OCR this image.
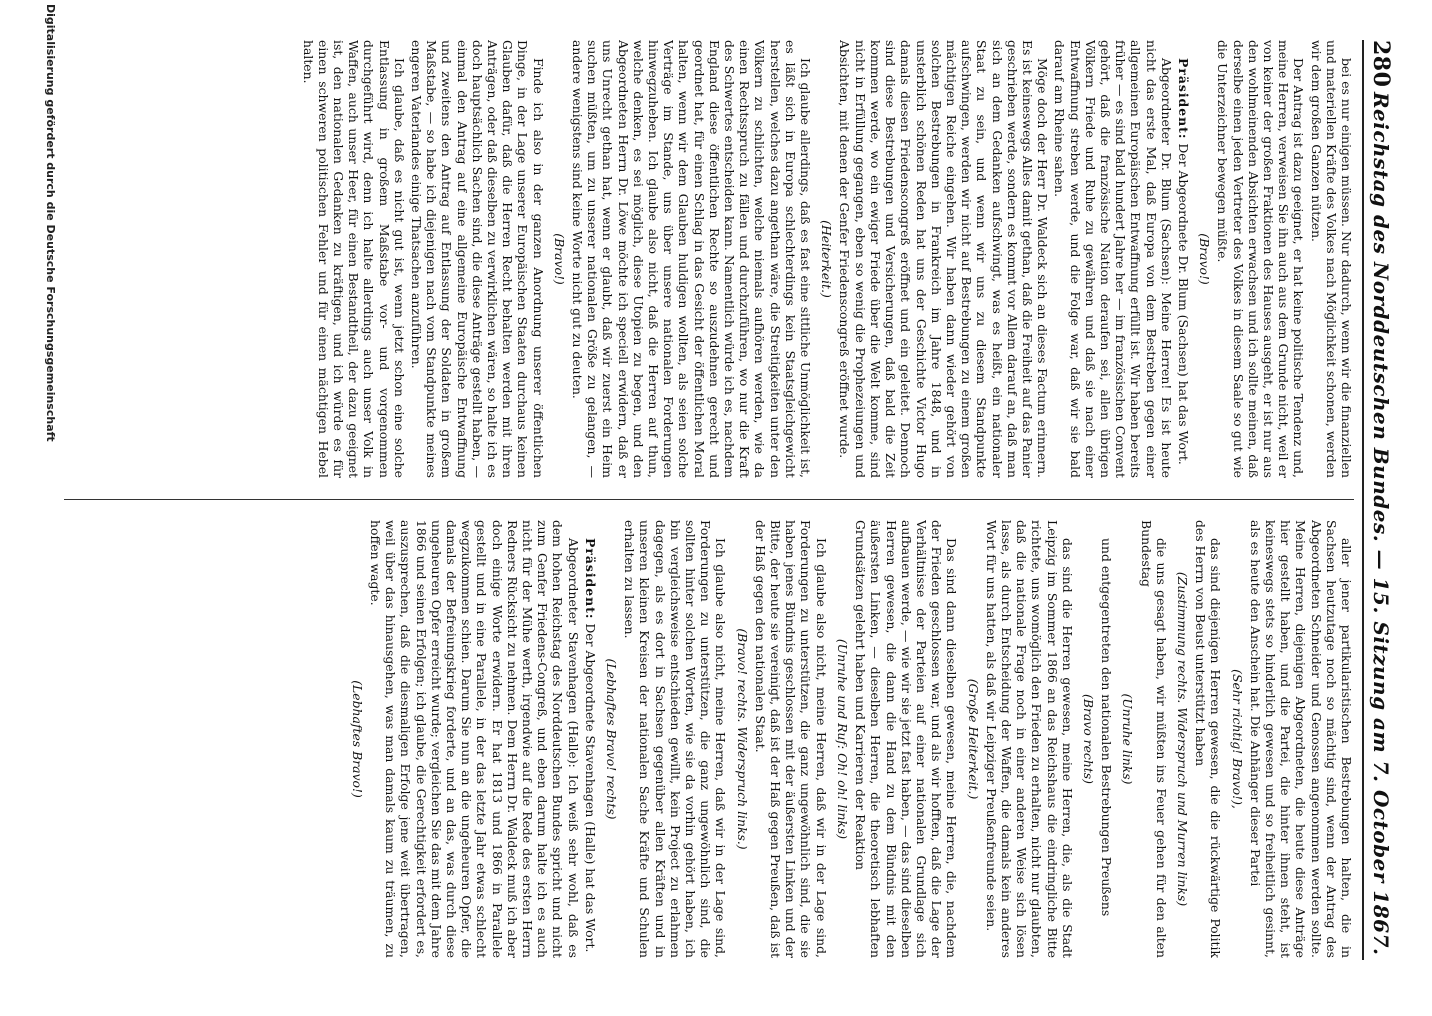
280
Reichstag des Norddeutschen Bundes. — 15. Sitzung am 7. October 1867.

bei es nur einigen müssen. Nur dadurch, wenn wir die finanziellen und materiellen Kräfte des Volkes nach Möglichkeit schonen, werden wir dem großen Ganzen nützen.

Der Antrag ist dazu geeignet, er hat keine politische Tendenz und, meine Herren, verweisen Sie ihn auch aus dem Grunde nicht, weil er von keiner der großen Fraktionen des Hauses ausgeht, er ist nur aus den wohlmeinenden Absichten erwachsen und ich sollte meinen, daß derselbe einen jeden Vertreter des Volkes in diesem Saale so gut wie die Unterzeichner bewegen müßte.

(Bravo!)

Präsident: Der Abgeordnete Dr. Blum (Sachsen) hat das Wort.

Abgeordneter Dr. Blum (Sachsen): Meine Herren! Es ist heute nicht das erste Mal, daß Europa von dem Bestreben gegen einer allgemeinen Europäischen Entwaffnung erfüllt ist. Wir haben bereits früher — es sind bald hundert Jahre her — im französischen Convent gehört, daß die französische Nation deraufen sei, allen übrigen Völkern Friede und Ruhe zu gewähren und daß sie nach einer Entwaffnung streben werde, und die Folge war, daß wir sie bald darauf am Rheine sahen.

Möge doch der Herr Dr. Waldeck sich an dieses Factum erinnern. Es ist keineswegs Alles damit gethan, daß die Freiheit auf das Panier geschrieben werde, sondern es kommt vor Allem darauf an, daß man sich an dem Gedanken aufschwingt, was es heißt, ein nationaler Staat zu sein, und wenn wir uns zu diesem Standpunkte aufschwingen, werden wir nicht auf Bestrebungen zu einem großen mächtigen Reiche eingehen. Wir haben dann wieder gehört von solchen Bestrebungen in Frankreich im Jahre 1848, und in unsterblich schönen Reden hat uns der Geschichte Victor Hugo damals diesen Friedenscongreß eröffnet und ein geleitet. Dennoch sind diese Bestrebungen und Versicherungen, daß bald die Zeit kommen werde, wo ein ewiger Friede über die Welt komme, sind nicht in Erfüllung gegangen, eben so wenig die Prophezeiungen und Absichten, mit denen der Genfer Friedenscongreß eröffnet wurde.

(Heiterkeit.)

Ich glaube allerdings, daß es fast eine sittliche Unmöglichkeit ist, es läßt sich in Europa schlechterdings kein Staatsgleichgewicht herstellen, welches dazu angethan wäre, die Streitigkeiten unter den Völkern zu schlichten, welche niemals aufhören werden, wie da einen Rechtsspruch zu fällen und durchzuführen, wo nur die Kraft des Schwertes entscheiden kann. Namentlich würde ich es, nachdem England diese öffentlichen Rechte so auszudehnen gerecht und geordnet hat, für einen Schlag in das Gesicht der öffentlichen Moral halten, wenn wir dem Glauben huldigen wollten, als seien solche Verträge im Stande, uns über unsere nationalen Forderungen hinwegzuheben. Ich glaube also nicht, daß die Herren auf thun, welche denken, es sei möglich, diese Utopien zu begen, und den Abgeordneten Herrn Dr. Löwe möchte ich speciell erwidern, daß er uns Unrecht gethan hat, wenn er glaubt, daß wir zuerst ein Heim suchen müßten, um zu unserer nationalen Größe zu gelangen, — andere wenigstens sind keine Worte nicht gut zu deuten.

(Bravo!)

Finde ich also in der ganzen Anordnung unserer öffentlichen Dinge, in der Lage unserer Europäischen Staaten durchaus keinen Glauben dafür, daß die Herren Recht behalten werden mit ihren Anträgen, oder daß dieselben zu verwirklichen wären, so halte ich es doch hauptsächlich Sachen sind, die diese Anträge gestellt haben, — einmal den Antrag auf eine allgemeine Europäische Entwaffnung und zweitens den Antrag auf Entlassung der Soldaten in großem Maßstabe, — so habe ich diejenigen nach vom Standpunkte meines engeren Vaterlandes einige Thatsachen anzuführen.

Ich glaube, daß es nicht gut ist, wenn jetzt schon eine solche Entlassung in großem Maßstabe vor- und vorgenommen durchgeführt wird, denn ich halte allerdings auch unser Volk in Waffen, auch unser Heer, für einen Bestandtheil, der dazu geeignet ist, den nationalen Gedanken zu kräftigen, und ich würde es für einen schweren politischen Fehler und für einen mächtigen Hebel halten.

aller jener partikularistischen Bestrebungen halten, die in Sachsen heutzutage noch so mächtig sind, wenn der Antrag des Abgeordneten Schneider und Genossen angenommen werden sollte. Meine Herren, diejenigen Abgeordneten, die heute diese Anträge hier gestellt haben, und die Partei, die hinter ihnen steht, ist keineswegs stets so hinderlich gewesen und so freiheitlich gesinnt, als es heute den Anschein hat. Die Anhänger dieser Partei

(Sehr richtig! Bravo!),

das sind diejenigen Herren gewesen, die die rückwärtige Politik des Herrn von Beust unterstützt haben

(Zustimmung rechts. Widerspruch und Murren links)

die uns gesagt haben, wir müßten ins Feuer gehen für den alten Bundestag

(Unruhe links)

und entgegentreten den nationalen Bestrebungen Preußens

(Bravo rechts)

das sind die Herren gewesen, meine Herren, die, als die Stadt Leipzig im Sommer 1866 an das Reichshaus die eindringliche Bitte richtete, uns womöglich den Frieden zu erhalten, nicht nur glaubten, daß die nationale Frage noch in einer anderen Weise sich lösen lasse, als durch Entscheidung der Waffen, die damals kein anderes Wort für uns hatten, als daß wir Leipziger Preußenfreunde seien.

(Große Heiterkeit.)

Das sind dann dieselben gewesen, meine Herren, die, nachdem der Frieden geschlossen war, und als wir hofften, daß die Lage der Verhältnisse der Parteien auf einer nationalen Grundlage sich aufbauen werde, — wie wir sie jetzt fast haben, — das sind dieselben Herren gewesen, die dann die Hand zu dem Bündnis mit den äußersten Linken, — dieselben Herren, die theoretisch lebhaften Grundsätzen gelehrt haben und Karrieren der Reaktion

(Unruhe und Ruf: Oh! oh! links)

Ich glaube also nicht, meine Herren, daß wir in der Lage sind, Forderungen zu unterstützen, die ganz ungewöhnlich sind, die sie haben jenes Bündnis geschlossen mit der äußersten Linken und der Bitte, der heute sie vereinigt, daß ist der Haß gegen Preußen, daß ist der Haß gegen den nationalen Staat.

(Bravo! rechts. Widerspruch links.)

Ich glaube also nicht, meine Herren, daß wir in der Lage sind, Forderungen zu unterstützen, die ganz ungewöhnlich sind, die sollten hinter solchen Worten, wie sie da vorhin gehört haben, ich bin vergleichsweise entschieden gewillt, kein Project zu erlahmen dagegen, als es dort in Sachsen gegenüber allen Kräften und in unseren kleinen Kreisen der nationalen Sache Kräfte und Schulen erhalten zu lassen.

(Lebhaftes Bravo! rechts)

Präsident: Der Abgeordnete Stavenhagen (Halle) hat das Wort.

Abgeordneter Stavenhagen (Halle): Ich weiß sehr wohl, daß es dem hohen Reichstag des Norddeutschen Bundes spricht und nicht zum Genfer Friedens-Congreß, und eben darum halte ich es auch nicht für der Mühe werth, irgendwie auf die Rede des ersten Herrn Redners Rücksicht zu nehmen. Dem Herrn Dr. Waldeck muß ich aber doch einige Worte erwidern. Er hat 1813 und 1866 in Parallele gestellt und in eine Parallele, in der das letzte Jahr etwas schlecht wegzukommen schien. Darum Sie nun an die ungeheuren Opfer, die damals der Befreiungskrieg forderte, und an das, was durch diese ungeheuren Opfer erreicht wurde; vergleichen Sie das mit dem Jahre 1866 und seinen Erfolgen; ich glaube, die Gerechtigkeit erfordert es, auszusprechen, daß die diesmaligen Erfolge jene weit übertragen, weil über das hinausgehen, was man damals kaum zu träumen, zu hoffen wagte.

(Lebhaftes Bravo!)

Digitalisierung gefördert durch die Deutsche Forschungsgemeinschaft
